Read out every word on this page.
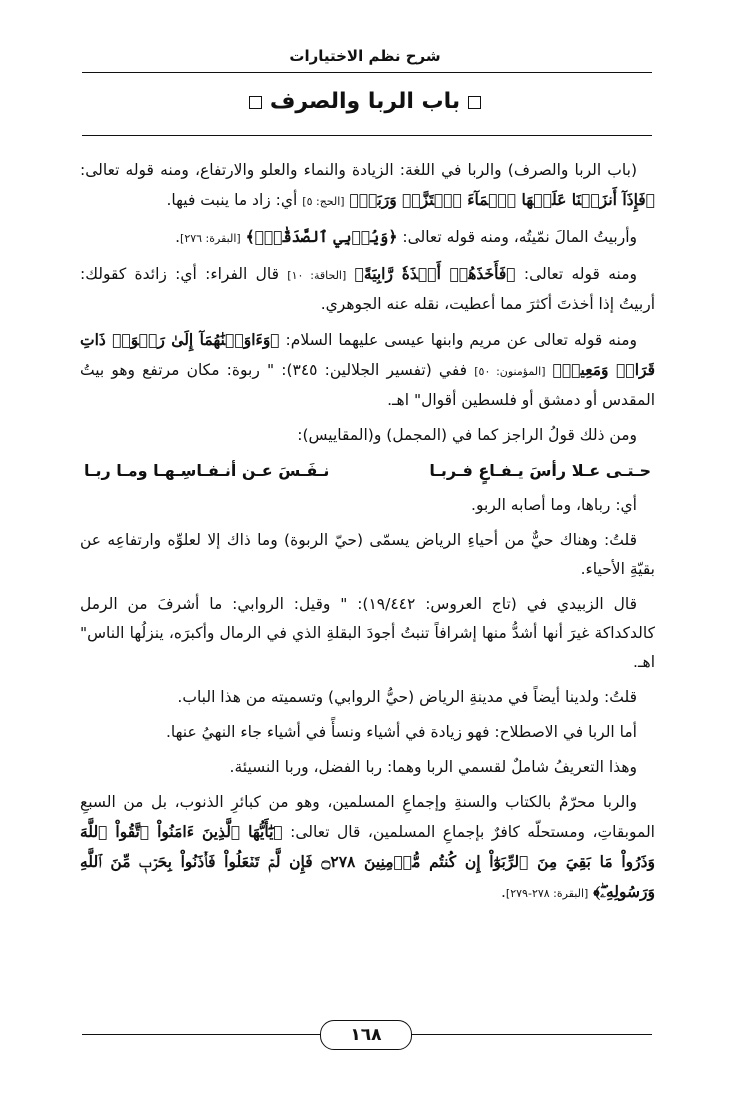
شرح نظم الاختيارات
باب الربا والصرف

(باب الربا والصرف) والربا في اللغة: الزيادة والنماء والعلو والارتفاع، ومنه قوله تعالى: ﴿فَإِذَآ أَنزَلۡنَا عَلَيۡهَا ٱلۡمَآءَ ٱهۡتَزَّتۡ وَرَبَتۡ﴾ [الحج: ٥] أي: زاد ما ينبت فيها.

وأربيتُ المالَ نمّيتُه، ومنه قوله تعالى: ﴿وَيُرۡبِي ٱلصَّدَقَٰتِۗ﴾ [البقرة: ٢٧٦].

ومنه قوله تعالى: ﴿فَأَخَذَهُمۡ أَخۡذَةٗ رَّابِيَةً﴾ [الحاقة: ١٠] قال الفراء: أي: زائدة كقولك: أربيتُ إذا أخذتَ أكثرَ مما أعطيت، نقله عنه الجوهري.

ومنه قوله تعالى عن مريم وابنها عيسى عليهما السلام: ﴿وَءَاوَيۡنَٰهُمَآ إِلَىٰ رَبۡوَةٖ ذَاتِ قَرَارٖ وَمَعِينٖ﴾ [المؤمنون: ٥٠] ففي (تفسير الجلالين: ٣٤٥): " ربوة: مكان مرتفع وهو بيتُ المقدس أو دمشق أو فلسطين أقوال" اهـ.

ومن ذلك قولُ الراجز كما في (المجمل) و(المقاييس):

حـتـى عـلا رأسَ يـفـاعٍ فـربـا
نـفَـسَ عـن أنـفـاسِـهـا ومـا ربـا

أي: رباها، وما أصابه الربو.

قلتُ: وهناك حيٌّ من أحياءِ الرياض يسمّى (حيّ الربوة) وما ذاك إلا لعلوِّه وارتفاعِه عن بقيّةِ الأحياء.

قال الزبيدي في (تاج العروس: ١٩/٤٤٢): " وقيل: الروابي: ما أشرفَ من الرمل كالدكداكة غيرَ أنها أشدُّ منها إشرافاً تنبتُ أجودَ البقلةِ الذي في الرمال وأكبرَه، ينزلُها الناس" اهـ.

قلتُ: ولدينا أيضاً في مدينةِ الرياض (حيُّ الروابي) وتسميته من هذا الباب.

أما الربا في الاصطلاح: فهو زيادة في أشياء ونسأً في أشياء جاء النهيُ عنها.

وهذا التعريفُ شاملٌ لقسمي الربا وهما: ربا الفضل، وربا النسيئة.

والربا محرّمٌ بالكتاب والسنةِ وإجماعِ المسلمين، وهو من كبائرِ الذنوب، بل من السبعِ الموبقاتِ، ومستحلّه كافرٌ بإجماعِ المسلمين، قال تعالى: ﴿يَٰٓأَيُّهَا ٱلَّذِينَ ءَامَنُواْ ٱتَّقُواْ ٱللَّهَ وَذَرُواْ مَا بَقِيَ مِنَ ٱلرِّبَوٰٓاْ إِن كُنتُم مُّؤۡمِنِينَ ۝٢٧٨ فَإِن لَّمۡ تَفۡعَلُواْ فَأۡذَنُواْ بِحَرۡبٖ مِّنَ ٱللَّهِ وَرَسُولِهِۦۖ﴾ [البقرة: ٢٧٨-٢٧٩].

١٦٨
